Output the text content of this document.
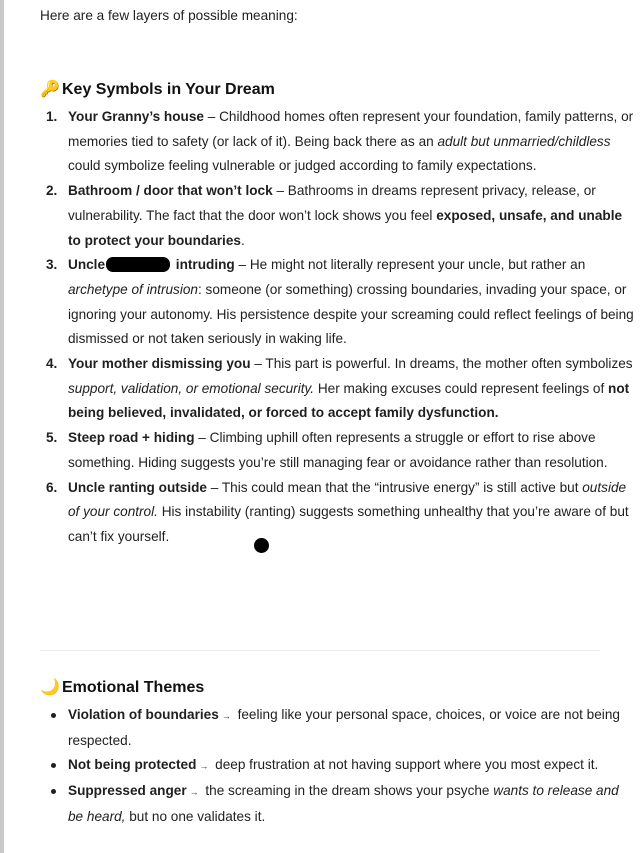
Here are a few layers of possible meaning:

🔑 Key Symbols in Your Dream
1. Your Granny’s house – Childhood homes often represent your foundation, family patterns, or memories tied to safety (or lack of it). Being back there as an adult but unmarried/childless could symbolize feeling vulnerable or judged according to family expectations.
2. Bathroom / door that won’t lock – Bathrooms in dreams represent privacy, release, or vulnerability. The fact that the door won’t lock shows you feel exposed, unsafe, and unable to protect your boundaries.
3. Uncle	intruding – He might not literally represent your uncle, but rather an archetype of intrusion: someone (or something) crossing boundaries, invading your space, or ignoring your autonomy. His persistence despite your screaming could reflect feelings of being dismissed or not taken seriously in waking life.
4. Your mother dismissing you – This part is powerful. In dreams, the mother often symbolizes support, validation, or emotional security. Her making excuses could represent feelings of not being believed, invalidated, or forced to accept family dysfunction.
5. Steep road + hiding – Climbing uphill often represents a struggle or effort to rise above something. Hiding suggests you’re still managing fear or avoidance rather than resolution.
6. Uncle ranting outside – This could mean that the “intrusive energy” is still active but outside of your control. His instability (ranting) suggests something unhealthy that you’re aware of but can’t fix yourself.
🌙 Emotional Themes
Violation of boundaries → feeling like your personal space, choices, or voice are not being respected.
Not being protected → deep frustration at not having support where you most expect it.
Suppressed anger → the screaming in the dream shows your psyche wants to release and be heard, but no one validates it.
